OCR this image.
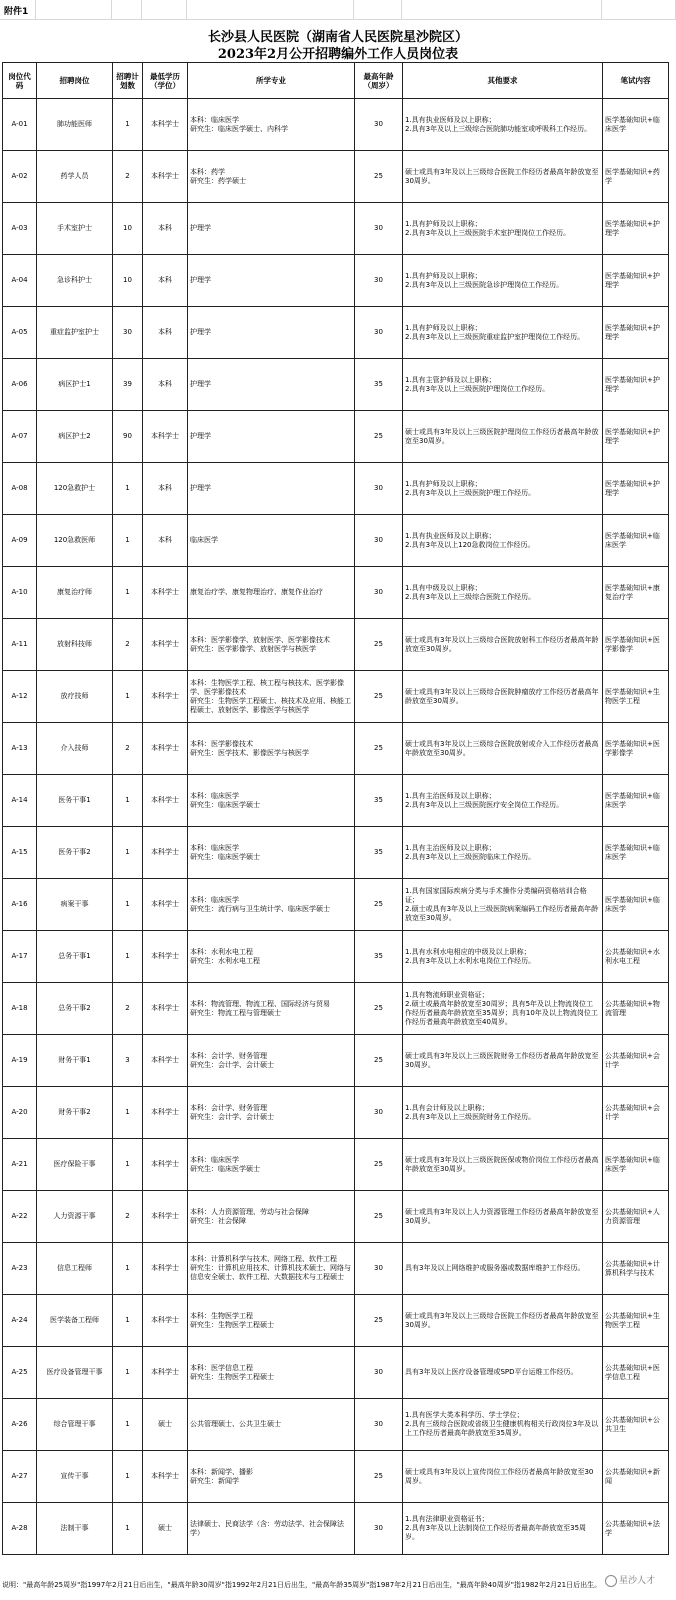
附件1
长沙县人民医院（湖南省人民医院星沙院区）
2023年2月公开招聘编外工作人员岗位表
岗位代码	招聘岗位	招聘计划数	最低学历（学位）	所学专业	最高年龄（周岁）	其他要求	笔试内容
A-01	肺功能医师	1	本科学士	本科：临床医学
研究生：临床医学硕士、内科学	30	1.具有执业医师及以上职称；
2.具有3年及以上三级综合医院肺功能室或呼吸科工作经历。	医学基础知识+临床医学
A-02	药学人员	2	本科学士	本科：药学
研究生：药学硕士	25	硕士或具有3年及以上三级综合医院工作经历者最高年龄放宽至30周岁。	医学基础知识+药学
A-03	手术室护士	10	本科	护理学	30	1.具有护师及以上职称；
2.具有3年及以上三级医院手术室护理岗位工作经历。	医学基础知识+护理学
A-04	急诊科护士	10	本科	护理学	30	1.具有护师及以上职称；
2.具有3年及以上三级医院急诊护理岗位工作经历。	医学基础知识+护理学
A-05	重症监护室护士	30	本科	护理学	30	1.具有护师及以上职称；
2.具有3年及以上三级医院重症监护室护理岗位工作经历。	医学基础知识+护理学
A-06	病区护士1	39	本科	护理学	35	1.具有主管护师及以上职称；
2.具有3年及以上三级医院护理岗位工作经历。	医学基础知识+护理学
A-07	病区护士2	90	本科学士	护理学	25	硕士或具有3年及以上三级医院护理岗位工作经历者最高年龄放宽至30周岁。	医学基础知识+护理学
A-08	120急救护士	1	本科	护理学	30	1.具有护师及以上职称；
2.具有3年及以上三级医院护理工作经历。	医学基础知识+护理学
A-09	120急救医师	1	本科	临床医学	30	1.具有执业医师及以上职称；
2.具有3年及以上120急救岗位工作经历。	医学基础知识+临床医学
A-10	康复治疗师	1	本科学士	康复治疗学、康复物理治疗、康复作业治疗	30	1.具有中级及以上职称；
2.具有3年及以上三级综合医院工作经历。	医学基础知识+康复治疗学
A-11	放射科技师	2	本科学士	本科：医学影像学、放射医学、医学影像技术
研究生：医学影像学、放射医学与核医学	25	硕士或具有3年及以上三级综合医院放射科工作经历者最高年龄放宽至30周岁。	医学基础知识+医学影像学
A-12	放疗技师	1	本科学士	本科：生物医学工程、核工程与核技术、医学影像学、医学影像技术
研究生：生物医学工程硕士、核技术及应用、核能工程硕士、放射医学、影像医学与核医学	25	硕士或具有3年及以上三级综合医院肿瘤放疗工作经历者最高年龄放宽至30周岁。	医学基础知识+生物医学工程
A-13	介入技师	2	本科学士	本科：医学影像技术
研究生：医学技术、影像医学与核医学	25	硕士或具有3年及以上三级综合医院放射或介入工作经历者最高年龄放宽至30周岁。	医学基础知识+医学影像学
A-14	医务干事1	1	本科学士	本科：临床医学
研究生：临床医学硕士	35	1.具有主治医师及以上职称；
2.具有3年及以上三级医院医疗安全岗位工作经历。	医学基础知识+临床医学
A-15	医务干事2	1	本科学士	本科：临床医学
研究生：临床医学硕士	35	1.具有主治医师及以上职称；
2.具有3年及以上三级医院临床工作经历。	医学基础知识+临床医学
A-16	病案干事	1	本科学士	本科：临床医学
研究生：流行病与卫生统计学、临床医学硕士	25	1.具有国家国际疾病分类与手术操作分类编码资格培训合格证；
2.硕士或具有3年及以上三级医院病案编码工作经历者最高年龄放宽至30周岁。	医学基础知识+临床医学
A-17	总务干事1	1	本科学士	本科：水利水电工程
研究生：水利水电工程	35	1.具有水利水电相应的中级及以上职称；
2.具有3年及以上水利水电岗位工作经历。	公共基础知识+水利水电工程
A-18	总务干事2	2	本科学士	本科：物流管理、物流工程、国际经济与贸易
研究生：物流工程与管理硕士	25	1.具有物流师职业资格证；
2.硕士或最高年龄放宽至30周岁；具有5年及以上物流岗位工作经历者最高年龄放宽至35周岁；具有10年及以上物流岗位工作经历者最高年龄放宽至40周岁。	公共基础知识+物流管理
A-19	财务干事1	3	本科学士	本科：会计学、财务管理
研究生：会计学、会计硕士	25	硕士或具有3年及以上三级医院财务工作经历者最高年龄放宽至30周岁。	公共基础知识+会计学
A-20	财务干事2	1	本科学士	本科：会计学、财务管理
研究生：会计学、会计硕士	30	1.具有会计师及以上职称；
2.具有3年及以上三级医院财务工作经历。	公共基础知识+会计学
A-21	医疗保险干事	1	本科学士	本科：临床医学
研究生：临床医学硕士	25	硕士或具有3年及以上三级医院医保或物价岗位工作经历者最高年龄放宽至30周岁。	医学基础知识+临床医学
A-22	人力资源干事	2	本科学士	本科：人力资源管理、劳动与社会保障
研究生：社会保障	25	硕士或具有3年及以上人力资源管理工作经历者最高年龄放宽至30周岁。	公共基础知识+人力资源管理
A-23	信息工程师	1	本科学士	本科：计算机科学与技术、网络工程、软件工程
研究生：计算机应用技术、计算机技术硕士、网络与信息安全硕士、软件工程、大数据技术与工程硕士	30	具有3年及以上网络维护或服务器或数据库维护工作经历。	公共基础知识+计算机科学与技术
A-24	医学装备工程师	1	本科学士	本科：生物医学工程
研究生：生物医学工程硕士	25	硕士或具有3年及以上三级综合医院工作经历者最高年龄放宽至30周岁。	公共基础知识+生物医学工程
A-25	医疗设备管理干事	1	本科学士	本科：医学信息工程
研究生：生物医学工程硕士	30	具有3年及以上医疗设备管理或SPD平台运维工作经历。	公共基础知识+医学信息工程
A-26	综合管理干事	1	硕士	公共管理硕士、公共卫生硕士	30	1.具有医学大类本科学历、学士学位；
2.具有三级综合医院或省级卫生健康机构相关行政岗位3年及以上工作经历者最高年龄放宽至35周岁。	公共基础知识+公共卫生
A-27	宣传干事	1	本科学士	本科：新闻学、播影
研究生：新闻学	25	硕士或具有3年及以上宣传岗位工作经历者最高年龄放宽至30周岁。	公共基础知识+新闻
A-28	法制干事	1	硕士	法律硕士、民商法学（含：劳动法学、社会保障法学）	30	1.具有法律职业资格证书；
2.具有3年及以上法制岗位工作经历者最高年龄放宽至35周岁。	公共基础知识+法学
说明："最高年龄25周岁"指1997年2月21日后出生，"最高年龄30周岁"指1992年2月21日后出生，"最高年龄35周岁"指1987年2月21日后出生，"最高年龄40周岁"指1982年2月21日后出生。	星沙人才
